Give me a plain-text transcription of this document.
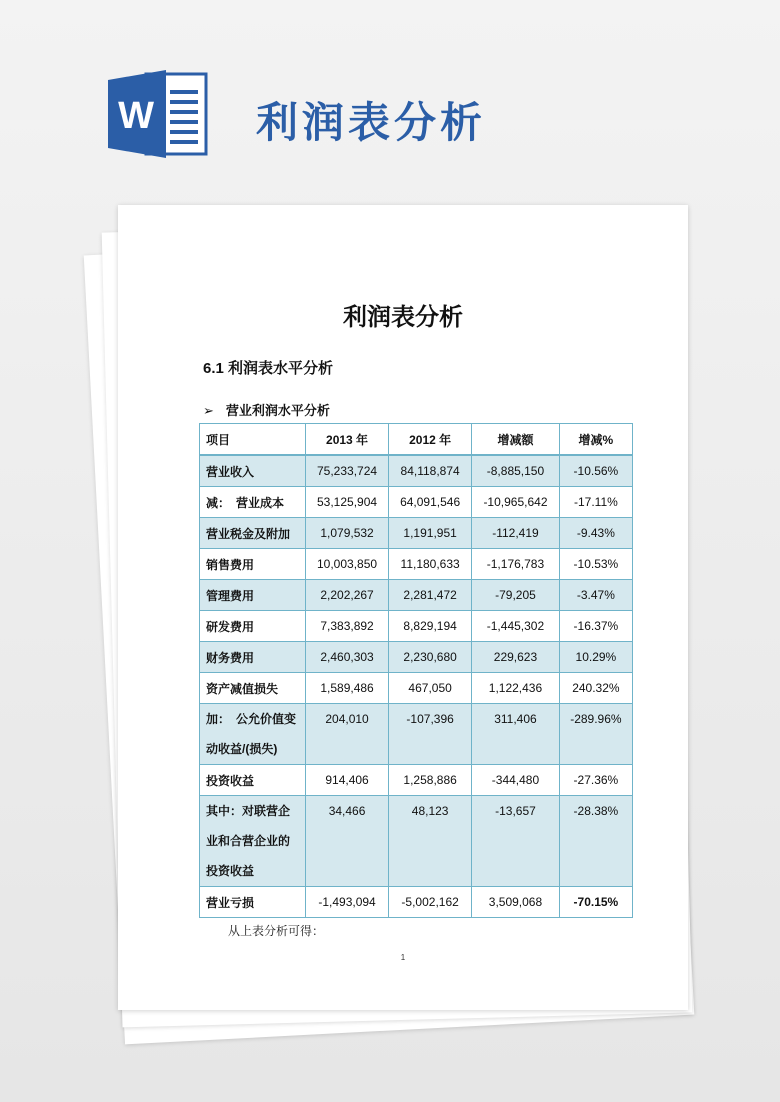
W 利润表分析
利润表分析
6.1 利润表水平分析
➢ 营业利润水平分析
项目	2013 年	2012 年	增减额	增减%
营业收入	75,233,724	84,118,874	-8,885,150	-10.56%
减：　营业成本	53,125,904	64,091,546	-10,965,642	-17.11%
营业税金及附加	1,079,532	1,191,951	-112,419	-9.43%
销售费用	10,003,850	11,180,633	-1,176,783	-10.53%
管理费用	2,202,267	2,281,472	-79,205	-3.47%
研发费用	7,383,892	8,829,194	-1,445,302	-16.37%
财务费用	2,460,303	2,230,680	229,623	10.29%
资产减值损失	1,589,486	467,050	1,122,436	240.32%
加：　公允价值变动收益/(损失)	204,010	-107,396	311,406	-289.96%
投资收益	914,406	1,258,886	-344,480	-27.36%
其中：对联营企业和合营企业的投资收益	34,466	48,123	-13,657	-28.38%
营业亏损	-1,493,094	-5,002,162	3,509,068	-70.15%
从上表分析可得：
1
